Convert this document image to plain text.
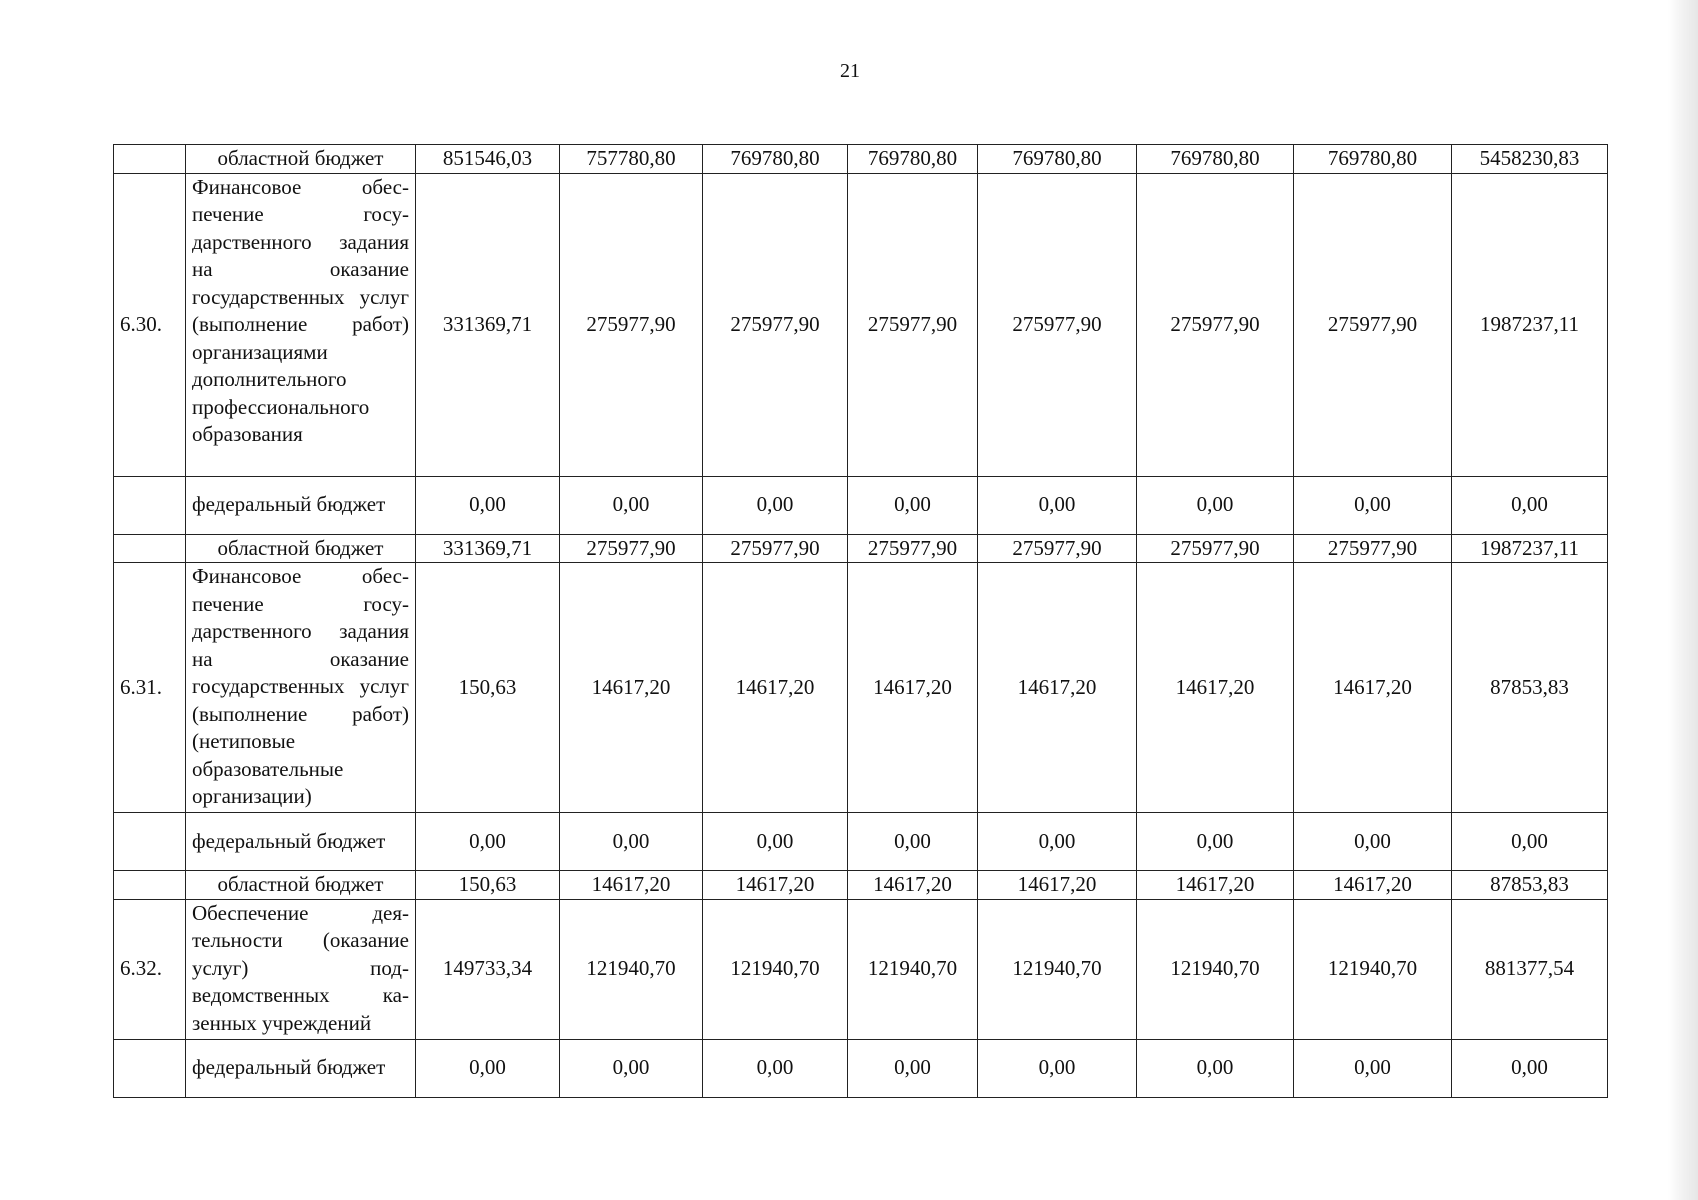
21
	областной бюджет	851546,03	757780,80	769780,80	769780,80	769780,80	769780,80	769780,80	5458230,83
6.30.	Финансовое обеспечение государственного задания на оказание государственных услуг (выполнение работ) организациями дополнительного профессионального образования	331369,71	275977,90	275977,90	275977,90	275977,90	275977,90	275977,90	1987237,11
	федеральный бюджет	0,00	0,00	0,00	0,00	0,00	0,00	0,00	0,00
	областной бюджет	331369,71	275977,90	275977,90	275977,90	275977,90	275977,90	275977,90	1987237,11
6.31.	Финансовое обеспечение государственного задания на оказание государственных услуг (выполнение работ) (нетиповые образовательные организации)	150,63	14617,20	14617,20	14617,20	14617,20	14617,20	14617,20	87853,83
	федеральный бюджет	0,00	0,00	0,00	0,00	0,00	0,00	0,00	0,00
	областной бюджет	150,63	14617,20	14617,20	14617,20	14617,20	14617,20	14617,20	87853,83
6.32.	Обеспечение деятельности (оказание услуг) подведомственных казенных учреждений	149733,34	121940,70	121940,70	121940,70	121940,70	121940,70	121940,70	881377,54
	федеральный бюджет	0,00	0,00	0,00	0,00	0,00	0,00	0,00	0,00
